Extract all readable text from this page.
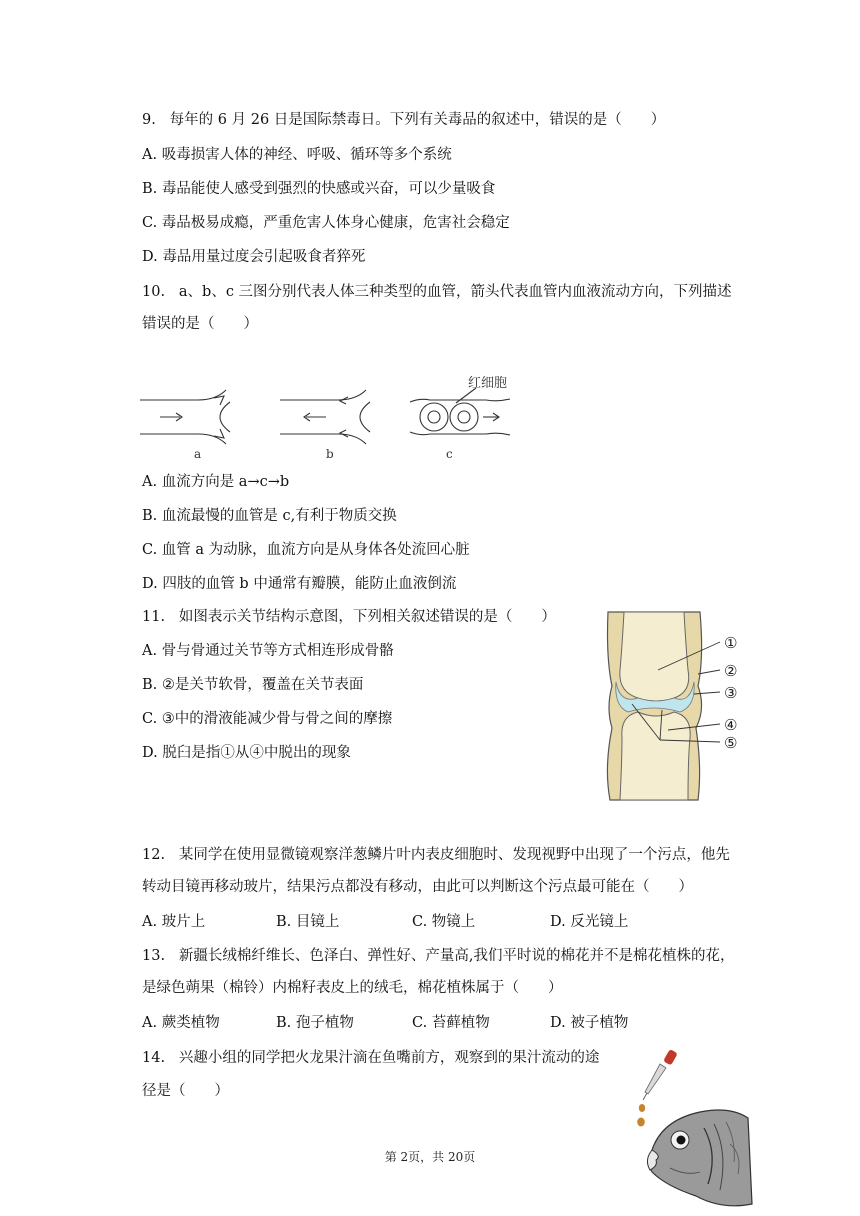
9.   每年的 6 月 26 日是国际禁毒日。下列有关毒品的叙述中，错误的是（　　）
A. 吸毒损害人体的神经、呼吸、循环等多个系统
B. 毒品能使人感受到强烈的快感或兴奋，可以少量吸食
C. 毒品极易成瘾，严重危害人体身心健康，危害社会稳定
D. 毒品用量过度会引起吸食者猝死
10.   a、b、c 三图分别代表人体三种类型的血管，箭头代表血管内血液流动方向，下列描述
错误的是（　　）
红细胞
a	b	c
A. 血流方向是 a→c→b
B. 血流最慢的血管是 c,有利于物质交换
C. 血管 a 为动脉，血流方向是从身体各处流回心脏
D. 四肢的血管 b 中通常有瓣膜，能防止血液倒流
11.   如图表示关节结构示意图，下列相关叙述错误的是（　　）
A. 骨与骨通过关节等方式相连形成骨骼
B. ②是关节软骨，覆盖在关节表面
C. ③中的滑液能减少骨与骨之间的摩擦
D. 脱臼是指①从④中脱出的现象
①
②
③
④
⑤
12.   某同学在使用显微镜观察洋葱鳞片叶内表皮细胞时、发现视野中出现了一个污点，他先
转动目镜再移动玻片，结果污点都没有移动，由此可以判断这个污点最可能在（　　）
A. 玻片上	B. 目镜上	C. 物镜上	D. 反光镜上
13.   新疆长绒棉纤维长、色泽白、弹性好、产量高,我们平时说的棉花并不是棉花植株的花，
是绿色蒴果（棉铃）内棉籽表皮上的绒毛，棉花植株属于（　　）
A. 蕨类植物	B. 孢子植物	C. 苔藓植物	D. 被子植物
14.   兴趣小组的同学把火龙果汁滴在鱼嘴前方，观察到的果汁流动的途
径是（　　）
第 2页，共 20页
